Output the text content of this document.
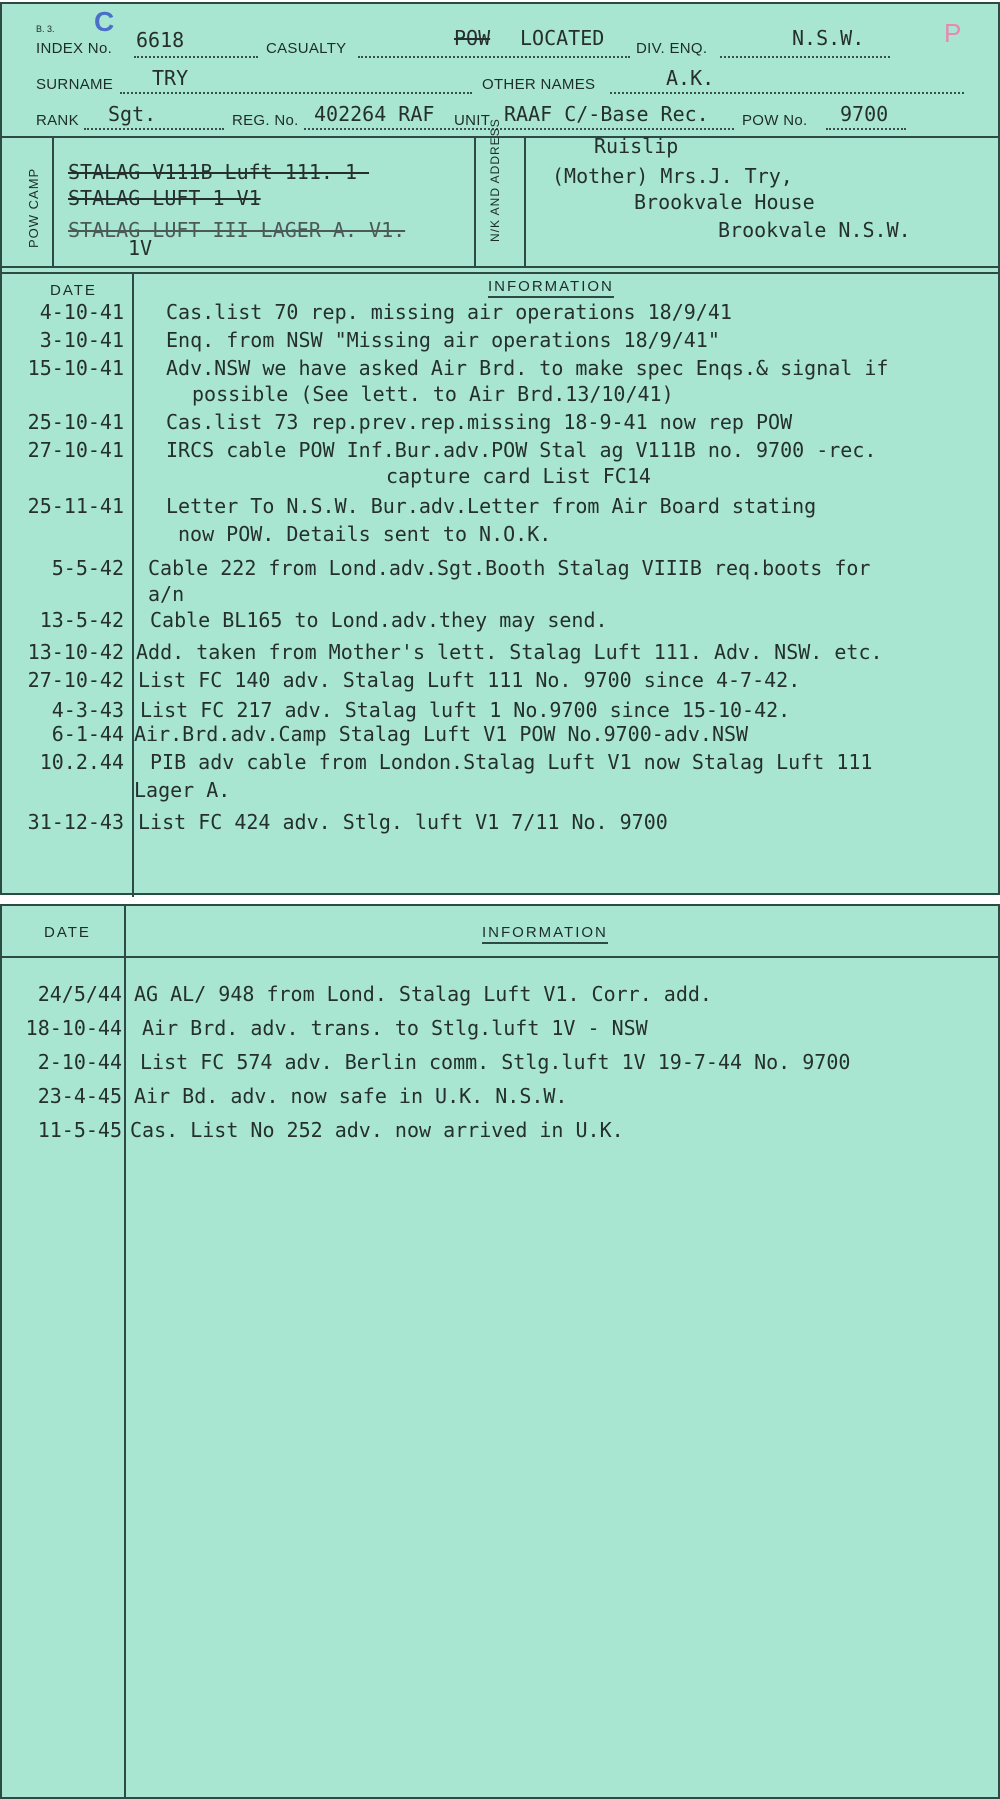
B. 3. C
INDEX No. 6618	CASUALTY	POW LOCATED DIV. ENQ.	N.S.W.	P
SURNAME TRY	OTHER NAMES	A.K.
RANK Sgt.	REG. No. 402264 RAF UNIT RAAF C/-Base Rec. POW No. 9700
POW CAMP	N/K AND ADDRESS
STALAG-V111B-Luft-111. 1-
STALAG-LUFT-1-V1
STALAG-LUFT-III-LAGER A. V1.
1V
Ruislip
(Mother) Mrs.J. Try,
Brookvale House
Brookvale N.S.W.
DATE	INFORMATION
4-10-41 Cas.list 70 rep. missing air operations 18/9/41
3-10-41 Enq. from NSW "Missing air operations 18/9/41"
15-10-41 Adv.NSW we have asked Air Brd. to make spec Enqs.& signal if
possible (See lett. to Air Brd.13/10/41)
25-10-41 Cas.list 73 rep.prev.rep.missing 18-9-41 now rep POW
27-10-41 IRCS cable POW Inf.Bur.adv.POW Stal ag V111B no. 9700 -rec.
capture card List FC14
25-11-41 Letter To N.S.W. Bur.adv.Letter from Air Board stating
now POW. Details sent to N.O.K.
5-5-42 Cable 222 from Lond.adv.Sgt.Booth Stalag VIIIB req.boots for
a/n
13-5-42 Cable BL165 to Lond.adv.they may send.
13-10-42 Add. taken from Mother's lett. Stalag Luft 111. Adv. NSW. etc.
27-10-42 List FC 140 adv. Stalag Luft 111 No. 9700 since 4-7-42.
4-3-43 List FC 217 adv. Stalag luft 1 No.9700 since 15-10-42.
6-1-44 Air.Brd.adv.Camp Stalag Luft V1 POW No.9700-adv.NSW
10.2.44 PIB adv cable from London.Stalag Luft V1 now Stalag Luft 111
Lager A.
31-12-43 List FC 424 adv. Stlg. luft V1 7/11 No. 9700
DATE	INFORMATION
24/5/44 AG AL/ 948 from Lond. Stalag Luft V1. Corr. add.
18-10-44 Air Brd. adv. trans. to Stlg.luft 1V - NSW
2-10-44 List FC 574 adv. Berlin comm. Stlg.luft 1V 19-7-44 No. 9700
23-4-45 Air Bd. adv. now safe in U.K. N.S.W.
11-5-45 Cas. List No 252 adv. now arrived in U.K.
